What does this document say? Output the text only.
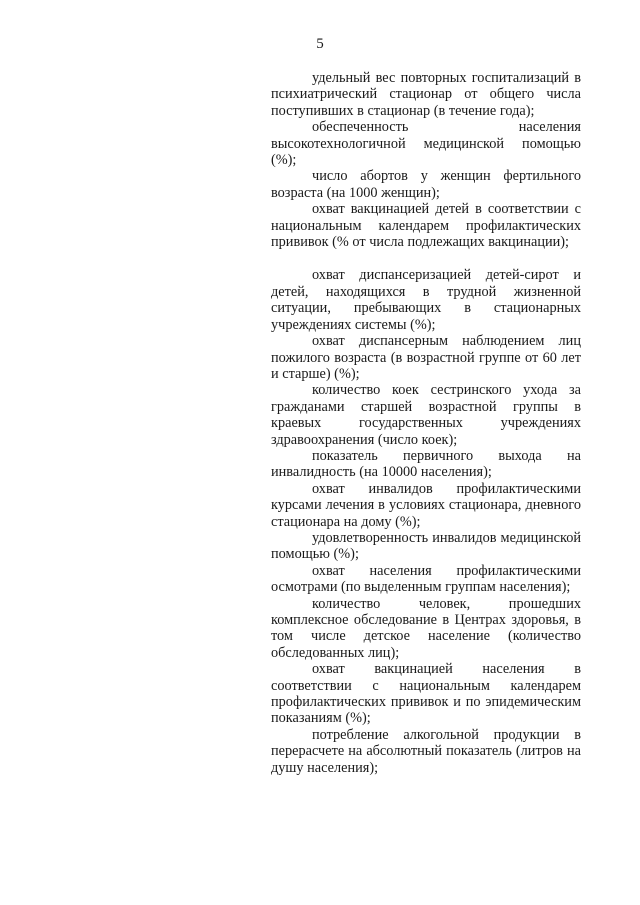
5

удельный вес повторных госпитализаций в психиатрический стационар от общего числа поступивших в стационар (в течение года);

обеспеченность населения высокотехнологичной медицинской помощью (%);

число абортов у женщин фертильного возраста (на 1000 женщин);

охват вакцинацией детей в соответствии с национальным календарем профилактических прививок (% от числа подлежащих вакцинации);

охват диспансеризацией детей-сирот и детей, находящихся в трудной жизненной ситуации, пребывающих в стационарных учреждениях системы (%);

охват диспансерным наблюдением лиц пожилого возраста (в возрастной группе от 60 лет и старше) (%);

количество коек сестринского ухода за гражданами старшей возрастной группы в краевых государственных учреждениях здравоохранения (число коек);

показатель первичного выхода на инвалидность (на 10000 населения);

охват инвалидов профилактическими курсами лечения в условиях стационара, дневного стационара на дому (%);

удовлетворенность инвалидов медицинской помощью (%);

охват населения профилактическими осмотрами (по выделенным группам населения);

количество человек, прошедших комплексное обследование в Центрах здоровья, в том числе детское население (количество обследованных лиц);

охват вакцинацией населения в соответствии с национальным календарем профилактических прививок и по эпидемическим показаниям (%);

потребление алкогольной продукции в перерасчете на абсолютный показатель (литров на душу населения);
